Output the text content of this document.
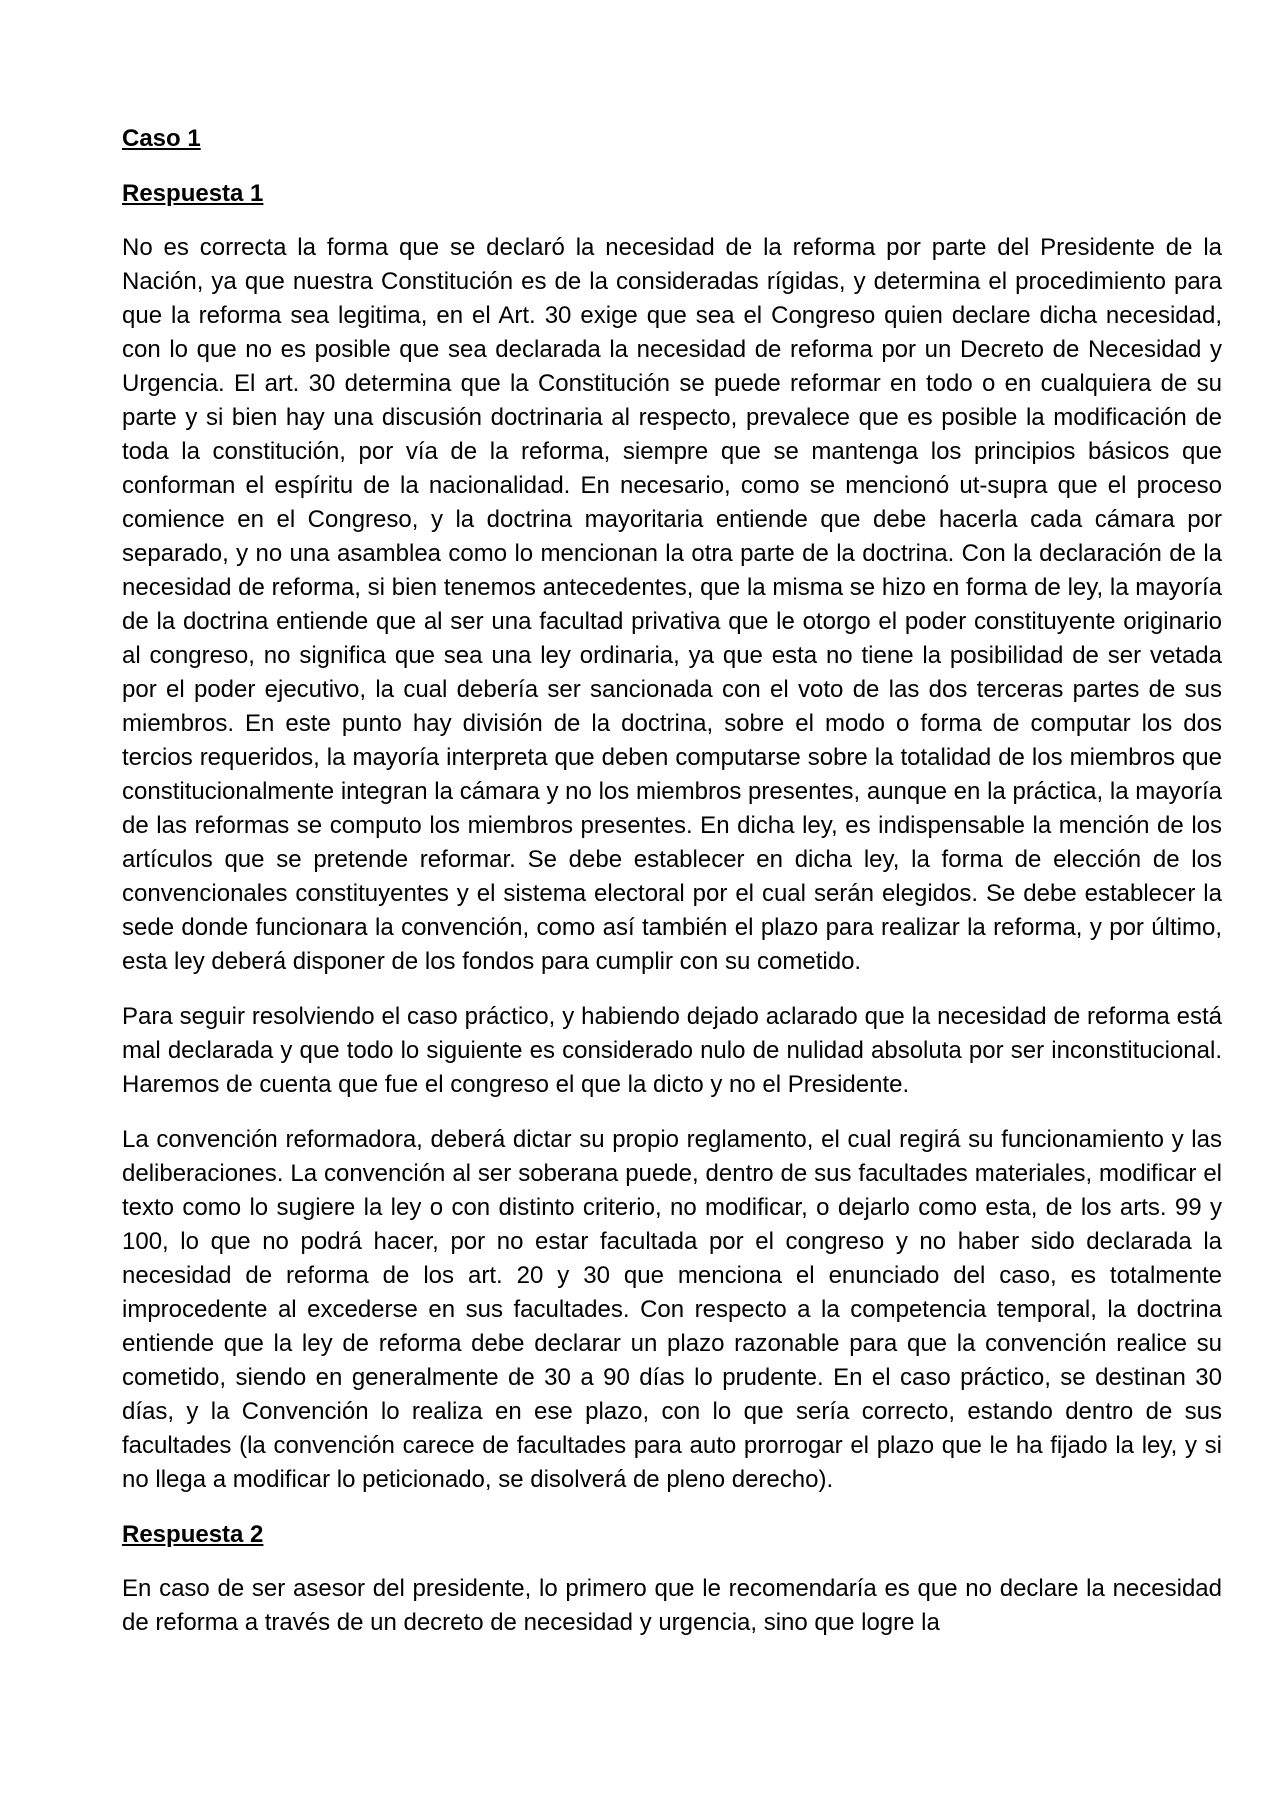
Caso 1
Respuesta 1

No es correcta la forma que se declaró la necesidad de la reforma por parte del Presidente de la Nación, ya que nuestra Constitución es de la consideradas rígidas, y determina el procedimiento para que la reforma sea legitima, en el Art. 30 exige que sea el Congreso quien declare dicha necesidad, con lo que no es posible que sea declarada la necesidad de reforma por un Decreto de Necesidad y Urgencia. El art. 30 determina que la Constitución se puede reformar en todo o en cualquiera de su parte y si bien hay una discusión doctrinaria al respecto, prevalece que es posible la modificación de toda la constitución, por vía de la reforma, siempre que se mantenga los principios básicos que conforman el espíritu de la nacionalidad. En necesario, como se mencionó ut-supra que el proceso comience en el Congreso, y la doctrina mayoritaria entiende que debe hacerla cada cámara por separado, y no una asamblea como lo mencionan la otra parte de la doctrina. Con la declaración de la necesidad de reforma, si bien tenemos antecedentes, que la misma se hizo en forma de ley, la mayoría de la doctrina entiende que al ser una facultad privativa que le otorgo el poder constituyente originario al congreso, no significa que sea una ley ordinaria, ya que esta no tiene la posibilidad de ser vetada por el poder ejecutivo, la cual debería ser sancionada con el voto de las dos terceras partes de sus miembros. En este punto hay división de la doctrina, sobre el modo o forma de computar los dos tercios requeridos, la mayoría interpreta que deben computarse sobre la totalidad de los miembros que constitucionalmente integran la cámara y no los miembros presentes, aunque en la práctica, la mayoría de las reformas se computo los miembros presentes. En dicha ley, es indispensable la mención de los artículos que se pretende reformar. Se debe establecer en dicha ley, la forma de elección de los convencionales constituyentes y el sistema electoral por el cual serán elegidos. Se debe establecer la sede donde funcionara la convención, como así también el plazo para realizar la reforma, y por último, esta ley deberá disponer de los fondos para cumplir con su cometido.

Para seguir resolviendo el caso práctico, y habiendo dejado aclarado que la necesidad de reforma está mal declarada y que todo lo siguiente es considerado nulo de nulidad absoluta por ser inconstitucional. Haremos de cuenta que fue el congreso el que la dicto y no el Presidente.

La convención reformadora, deberá dictar su propio reglamento, el cual regirá su funcionamiento y las deliberaciones. La convención al ser soberana puede, dentro de sus facultades materiales, modificar el texto como lo sugiere la ley o con distinto criterio, no modificar, o dejarlo como esta, de los arts. 99 y 100, lo que no podrá hacer, por no estar facultada por el congreso y no haber sido declarada la necesidad de reforma de los art. 20 y 30 que menciona el enunciado del caso, es totalmente improcedente al excederse en sus facultades. Con respecto a la competencia temporal, la doctrina entiende que la ley de reforma debe declarar un plazo razonable para que la convención realice su cometido, siendo en generalmente de 30 a 90 días lo prudente. En el caso práctico, se destinan 30 días, y la Convención lo realiza en ese plazo, con lo que sería correcto, estando dentro de sus facultades (la convención carece de facultades para auto prorrogar el plazo que le ha fijado la ley, y si no llega a modificar lo peticionado, se disolverá de pleno derecho).

Respuesta 2

En caso de ser asesor del presidente, lo primero que le recomendaría es que no declare la necesidad de reforma a través de un decreto de necesidad y urgencia, sino que logre la
